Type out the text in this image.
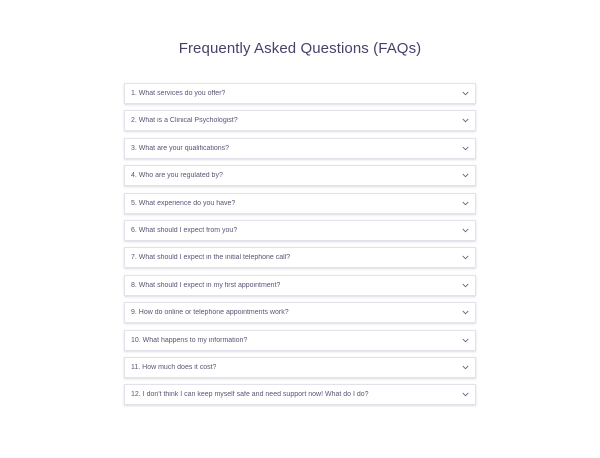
Frequently Asked Questions (FAQs)
1. What services do you offer?
2. What is a Clinical Psychologist?
3. What are your qualifications?
4. Who are you regulated by?
5. What experience do you have?
6. What should I expect from you?
7. What should I expect in the initial telephone call?
8. What should I expect in my first appointment?
9. How do online or telephone appointments work?
10. What happens to my information?
11. How much does it cost?
12. I don't think I can keep myself safe and need support now! What do I do?
